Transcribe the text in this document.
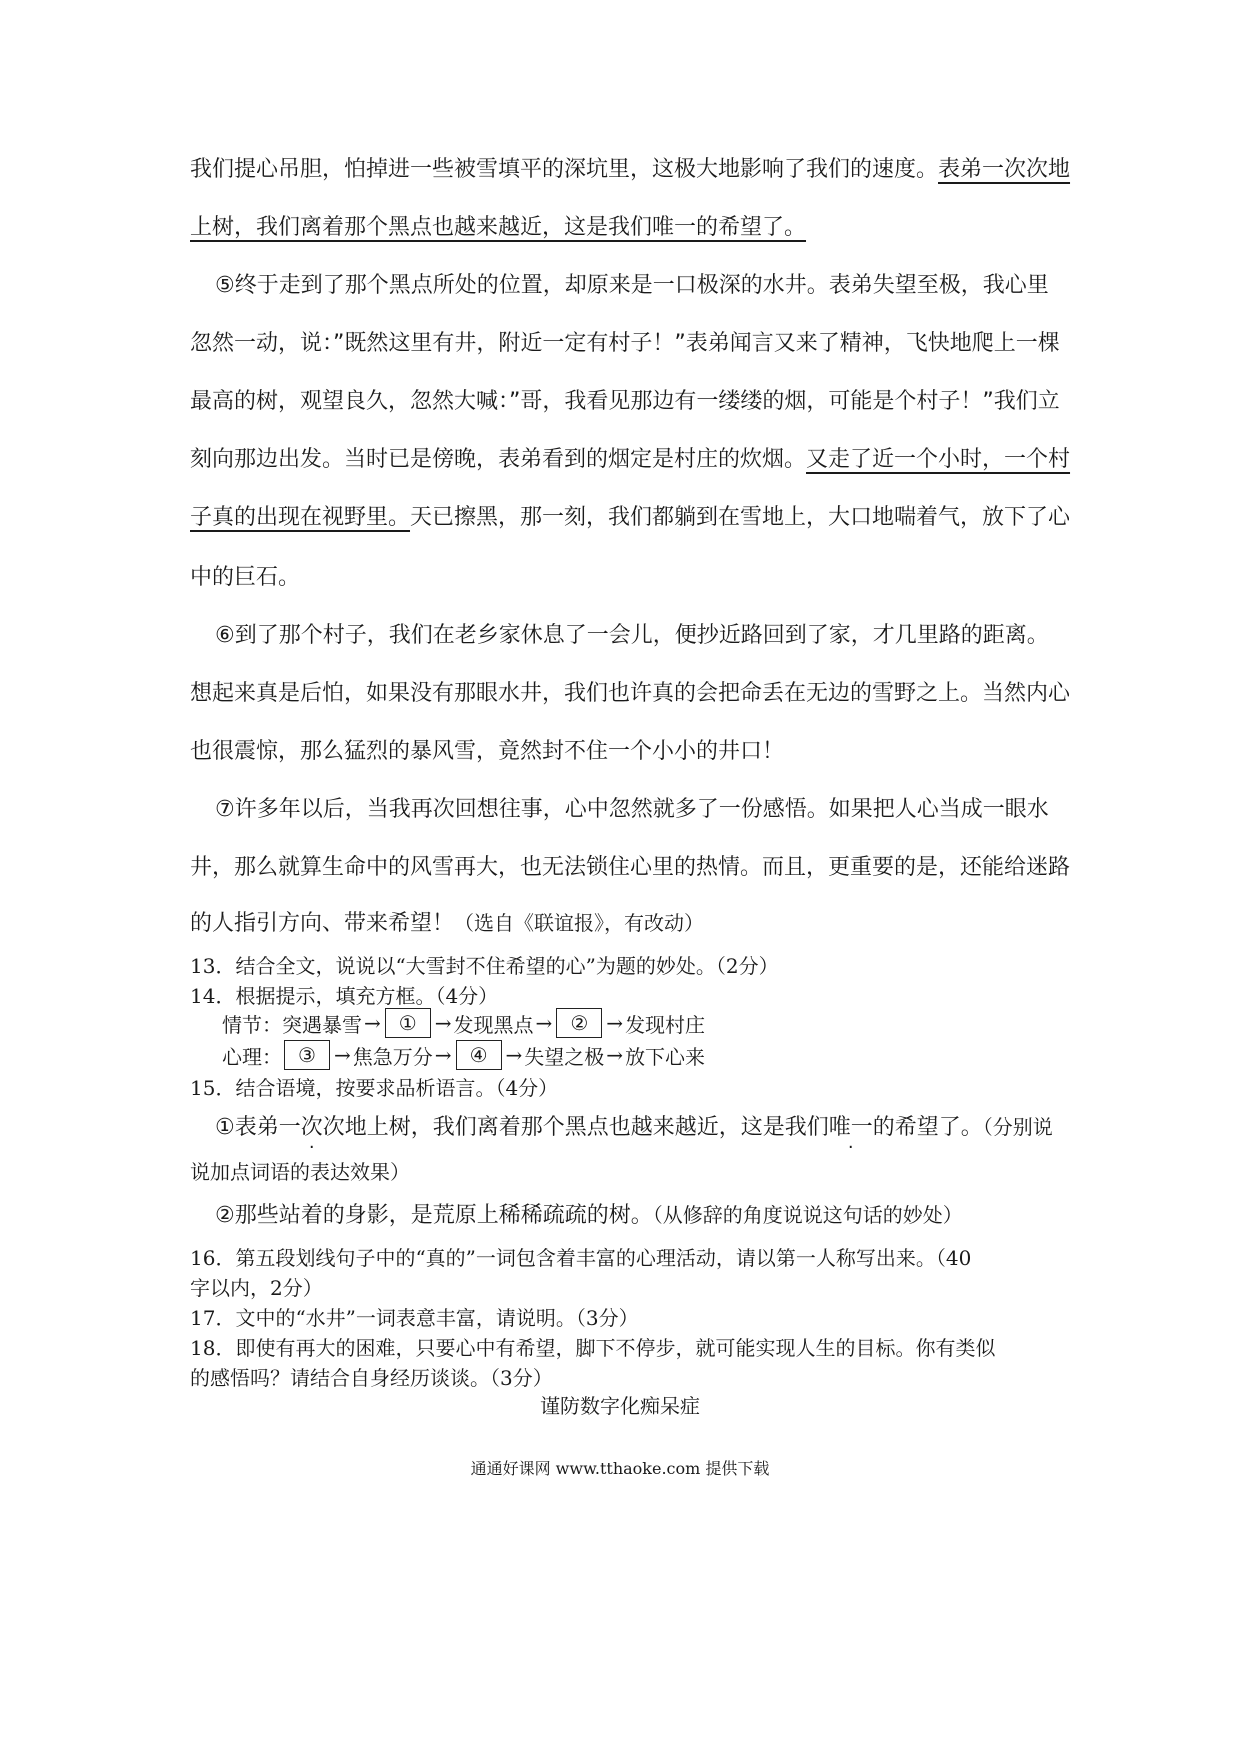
我们提心吊胆，怕掉进一些被雪填平的深坑里，这极大地影响了我们的速度。表弟一次次地
上树，我们离着那个黑点也越来越近，这是我们唯一的希望了。
⑤终于走到了那个黑点所处的位置，却原来是一口极深的水井。表弟失望至极，我心里
忽然一动，说：”既然这里有井，附近一定有村子！”表弟闻言又来了精神，飞快地爬上一棵
最高的树，观望良久，忽然大喊：”哥，我看见那边有一缕缕的烟，可能是个村子！”我们立
刻向那边出发。当时已是傍晚，表弟看到的烟定是村庄的炊烟。又走了近一个小时，一个村
子真的出现在视野里。天已擦黑，那一刻，我们都躺到在雪地上，大口地喘着气，放下了心
中的巨石。
⑥到了那个村子，我们在老乡家休息了一会儿，便抄近路回到了家，才几里路的距离。
想起来真是后怕，如果没有那眼水井，我们也许真的会把命丢在无边的雪野之上。当然内心
也很震惊，那么猛烈的暴风雪，竟然封不住一个小小的井口！
⑦许多年以后，当我再次回想往事，心中忽然就多了一份感悟。如果把人心当成一眼水
井，那么就算生命中的风雪再大，也无法锁住心里的热情。而且，更重要的是，还能给迷路
的人指引方向、带来希望！（选自《联谊报》，有改动）
13．结合全文，说说以“大雪封不住希望的心”为题的妙处。（2分）
14．根据提示，填充方框。（4分）
情节：突遇暴雪 → ① → 发现黑点 → ② → 发现村庄
心理： ③ → 焦急万分 → ④ → 失望之极 → 放下心来
15．结合语境，按要求品析语言。（4分）
①表弟一次次地上树，我们离着那个黑点也越来越近，这是我们唯一的希望了。（分别说
说加点词语的表达效果）
②那些站着的身影，是荒原上稀稀疏疏的树。（从修辞的角度说说这句话的妙处）
16．第五段划线句子中的“真的”一词包含着丰富的心理活动，请以第一人称写出来。（40
字以内，2分）
17．文中的“水井”一词表意丰富，请说明。（3分）
18．即使有再大的困难，只要心中有希望，脚下不停步，就可能实现人生的目标。你有类似
的感悟吗？请结合自身经历谈谈。（3分）
谨防数字化痴呆症
通通好课网 www.tthaoke.com 提供下载
